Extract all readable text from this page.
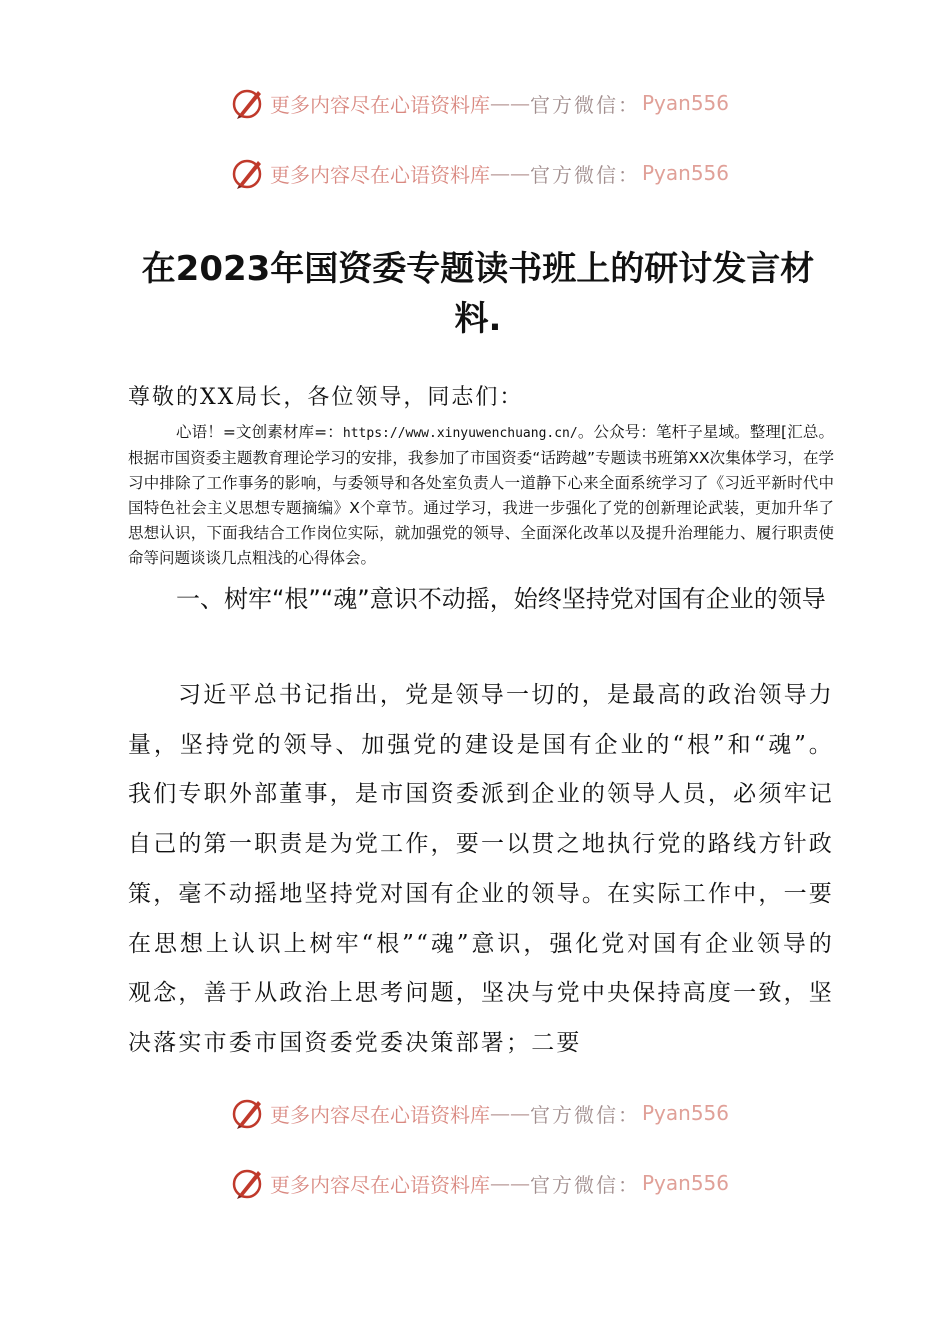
更多内容尽在心语资料库 —— 官方微信： Pyan556
更多内容尽在心语资料库 —— 官方微信： Pyan556
在2023年国资委专题读书班上的研讨发言材料.
尊敬的XX局长，各位领导，同志们：
心语！=文创素材库=：https://www.xinyuwenchuang.cn/。公众号：笔杆子星域。整理[汇总。根据市国资委主题教育理论学习的安排，我参加了市国资委“话跨越”专题读书班第XX次集体学习，在学习中排除了工作事务的影响，与委领导和各处室负责人一道静下心来全面系统学习了《习近平新时代中国特色社会主义思想专题摘编》X个章节。通过学习，我进一步强化了党的创新理论武装，更加升华了思想认识，下面我结合工作岗位实际，就加强党的领导、全面深化改革以及提升治理能力、履行职责使命等问题谈谈几点粗浅的心得体会。
一、树牢“根”“魂”意识不动摇，始终坚持党对国有企业的领导
习近平总书记指出，党是领导一切的，是最高的政治领导力量，坚持党的领导、加强党的建设是国有企业的“根”和“魂”。我们专职外部董事，是市国资委派到企业的领导人员，必须牢记自己的第一职责是为党工作，要一以贯之地执行党的路线方针政策，毫不动摇地坚持党对国有企业的领导。在实际工作中，一要在思想上认识上树牢“根”“魂”意识，强化党对国有企业领导的观念，善于从政治上思考问题，坚决与党中央保持高度一致，坚决落实市委市国资委党委决策部署；二要
更多内容尽在心语资料库 —— 官方微信： Pyan556
更多内容尽在心语资料库 —— 官方微信： Pyan556
